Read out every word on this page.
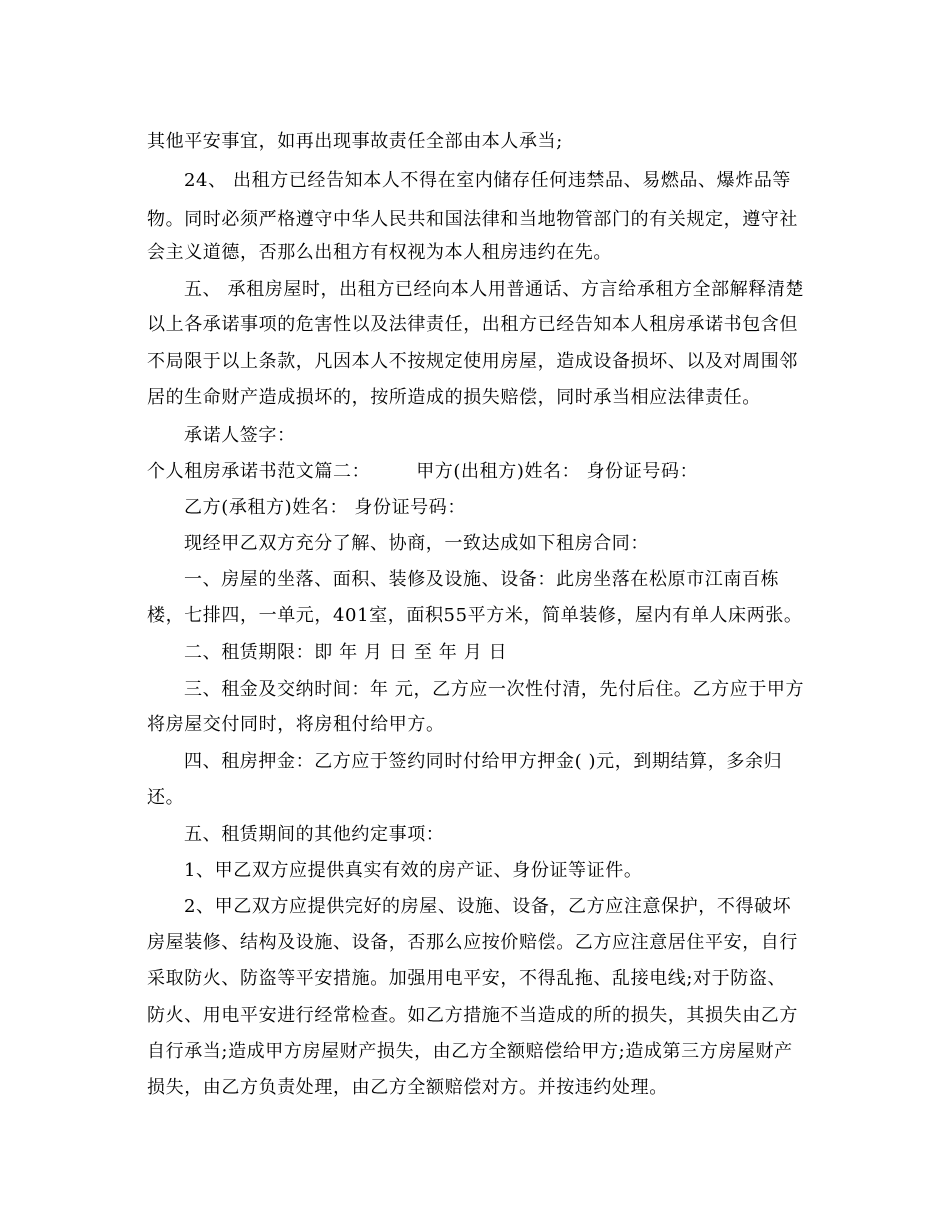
其他平安事宜，如再出现事故责任全部由本人承当;
24、 出租方已经告知本人不得在室内储存任何违禁品、易燃品、爆炸品等
物。同时必须严格遵守中华人民共和国法律和当地物管部门的有关规定，遵守社
会主义道德，否那么出租方有权视为本人租房违约在先。
五、 承租房屋时，出租方已经向本人用普通话、方言给承租方全部解释清楚
以上各承诺事项的危害性以及法律责任，出租方已经告知本人租房承诺书包含但
不局限于以上条款，凡因本人不按规定使用房屋，造成设备损坏、以及对周围邻
居的生命财产造成损坏的，按所造成的损失赔偿，同时承当相应法律责任。
承诺人签字：
个人租房承诺书范文篇二：	甲方(出租方)姓名： 身份证号码：
乙方(承租方)姓名： 身份证号码：
现经甲乙双方充分了解、协商，一致达成如下租房合同：
一、房屋的坐落、面积、装修及设施、设备：此房坐落在松原市江南百栋
楼，七排四，一单元，401室，面积55平方米，简单装修，屋内有单人床两张。
二、租赁期限：即 年 月 日 至 年 月 日
三、租金及交纳时间：年 元，乙方应一次性付清，先付后住。乙方应于甲方
将房屋交付同时，将房租付给甲方。
四、租房押金：乙方应于签约同时付给甲方押金( )元，到期结算，多余归
还。
五、租赁期间的其他约定事项：
1、甲乙双方应提供真实有效的房产证、身份证等证件。
2、甲乙双方应提供完好的房屋、设施、设备，乙方应注意保护，不得破坏
房屋装修、结构及设施、设备，否那么应按价赔偿。乙方应注意居住平安，自行
采取防火、防盗等平安措施。加强用电平安，不得乱拖、乱接电线;对于防盗、
防火、用电平安进行经常检查。如乙方措施不当造成的所的损失，其损失由乙方
自行承当;造成甲方房屋财产损失，由乙方全额赔偿给甲方;造成第三方房屋财产
损失，由乙方负责处理，由乙方全额赔偿对方。并按违约处理。
